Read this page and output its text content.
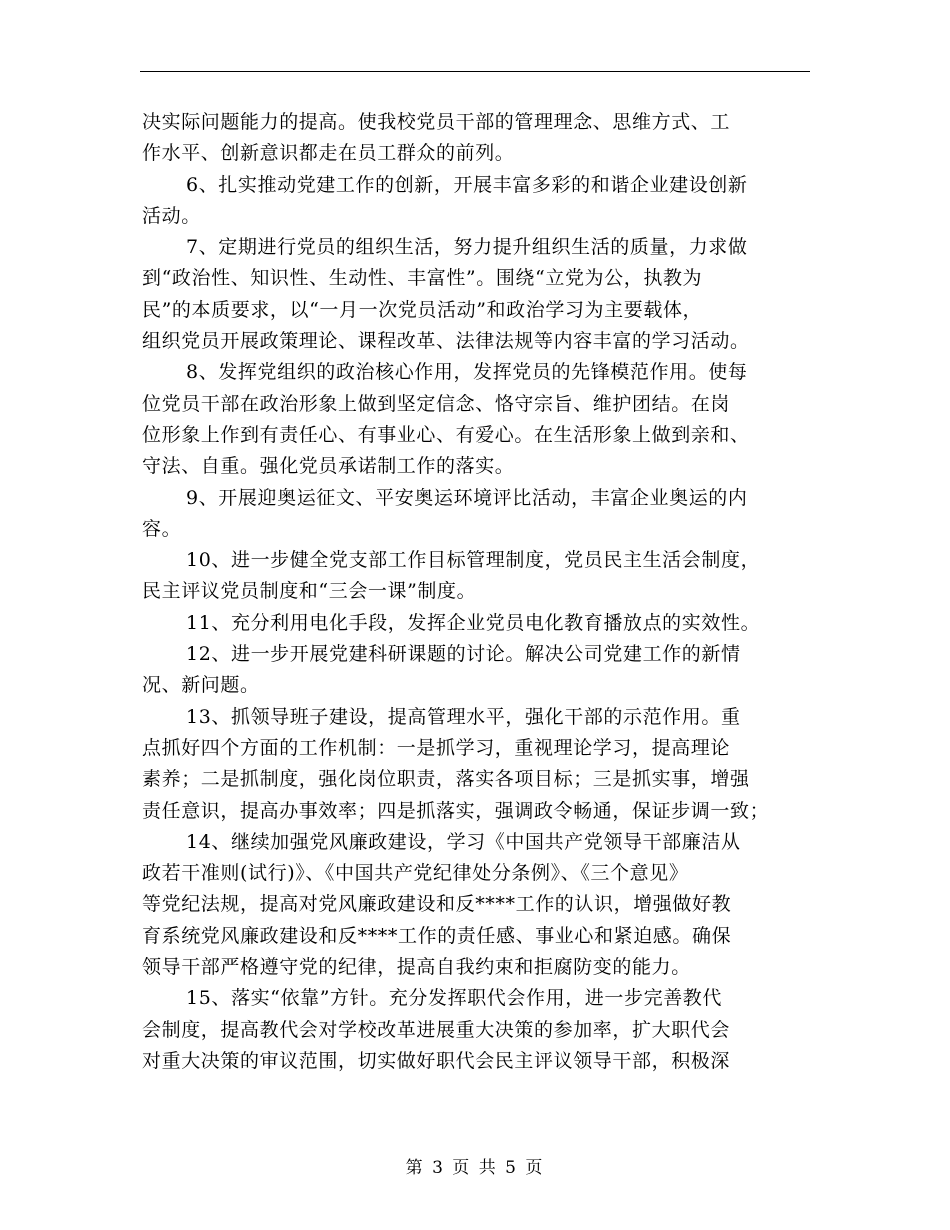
决实际问题能力的提高。使我校党员干部的管理理念、思维方式、工

作水平、创新意识都走在员工群众的前列。

6、扎实推动党建工作的创新，开展丰富多彩的和谐企业建设创新

活动。

7、定期进行党员的组织生活，努力提升组织生活的质量，力求做

到“政治性、知识性、生动性、丰富性”。围绕“立党为公，执教为

民”的本质要求，以“一月一次党员活动”和政治学习为主要载体，

组织党员开展政策理论、课程改革、法律法规等内容丰富的学习活动。

8、发挥党组织的政治核心作用，发挥党员的先锋模范作用。使每

位党员干部在政治形象上做到坚定信念、恪守宗旨、维护团结。在岗

位形象上作到有责任心、有事业心、有爱心。在生活形象上做到亲和、

守法、自重。强化党员承诺制工作的落实。

9、开展迎奥运征文、平安奥运环境评比活动，丰富企业奥运的内

容。

10、进一步健全党支部工作目标管理制度，党员民主生活会制度，

民主评议党员制度和“三会一课”制度。

11、充分利用电化手段，发挥企业党员电化教育播放点的实效性。

12、进一步开展党建科研课题的讨论。解决公司党建工作的新情

况、新问题。

13、抓领导班子建设，提高管理水平，强化干部的示范作用。重

点抓好四个方面的工作机制：一是抓学习，重视理论学习，提高理论

素养；二是抓制度，强化岗位职责，落实各项目标；三是抓实事，增强

责任意识，提高办事效率；四是抓落实，强调政令畅通，保证步调一致；

14、继续加强党风廉政建设，学习《中国共产党领导干部廉洁从

政若干准则(试行)》、《中国共产党纪律处分条例》、《三个意见》

等党纪法规，提高对党风廉政建设和反****工作的认识，增强做好教

育系统党风廉政建设和反****工作的责任感、事业心和紧迫感。确保

领导干部严格遵守党的纪律，提高自我约束和拒腐防变的能力。

15、落实“依靠”方针。充分发挥职代会作用，进一步完善教代

会制度，提高教代会对学校改革进展重大决策的参加率，扩大职代会

对重大决策的审议范围，切实做好职代会民主评议领导干部，积极深

第 3 页 共 5 页
